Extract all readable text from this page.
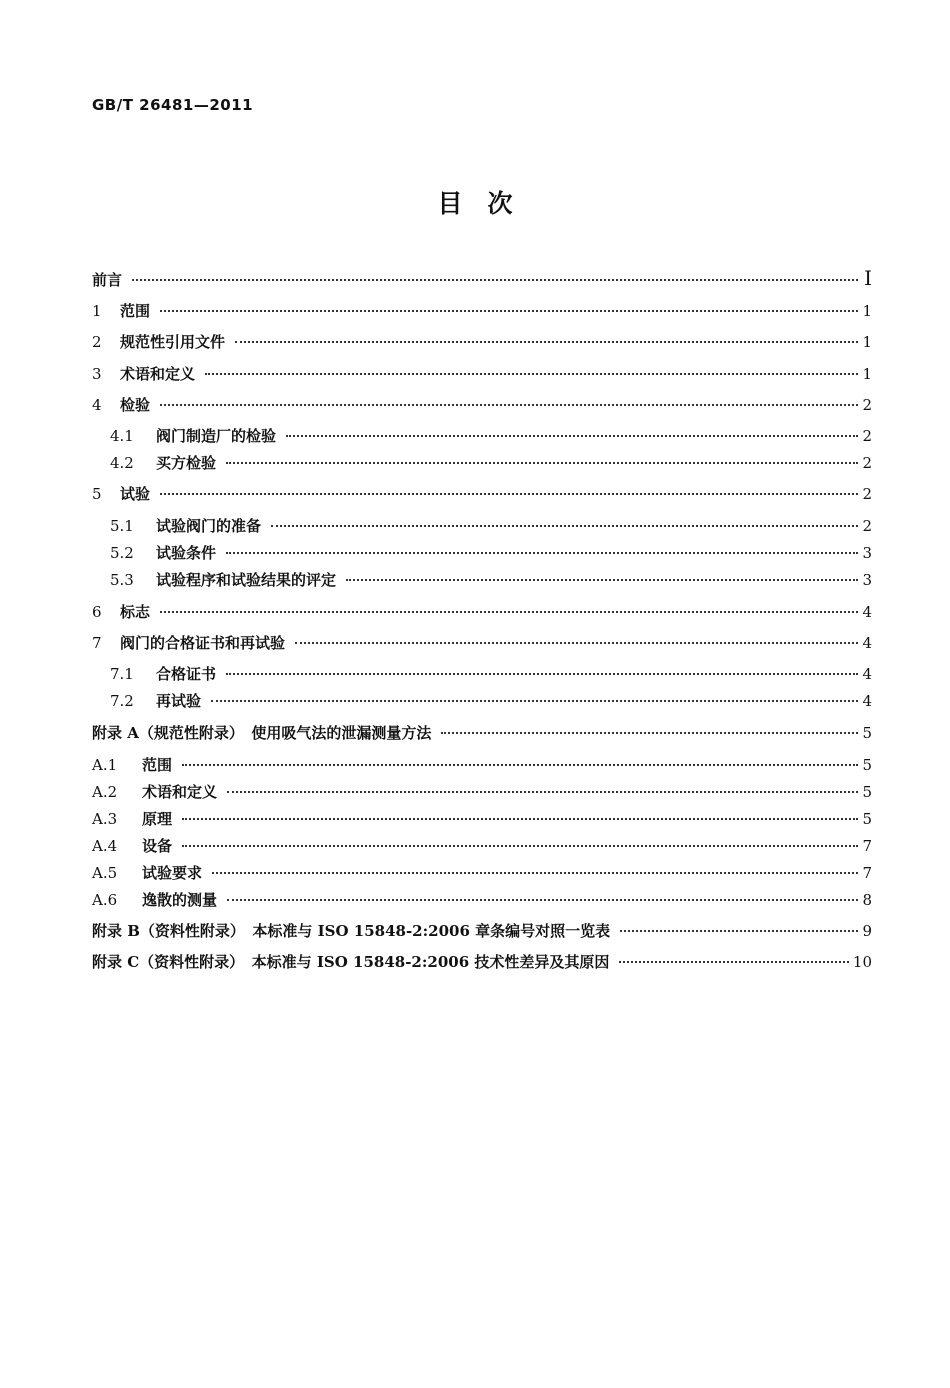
GB/T 26481—2011
目　次
前言	I
1	范围	1
2	规范性引用文件	1
3	术语和定义	1
4	检验	2
4.1	阀门制造厂的检验	2
4.2	买方检验	2
5	试验	2
5.1	试验阀门的准备	2
5.2	试验条件	3
5.3	试验程序和试验结果的评定	3
6	标志	4
7	阀门的合格证书和再试验	4
7.1	合格证书	4
7.2	再试验	4
附录 A（规范性附录）　使用吸气法的泄漏测量方法	5
A.1	范围	5
A.2	术语和定义	5
A.3	原理	5
A.4	设备	7
A.5	试验要求	7
A.6	逸散的测量	8
附录 B（资料性附录）　本标准与 ISO 15848-2:2006 章条编号对照一览表	9
附录 C（资料性附录）　本标准与 ISO 15848-2:2006 技术性差异及其原因	10
